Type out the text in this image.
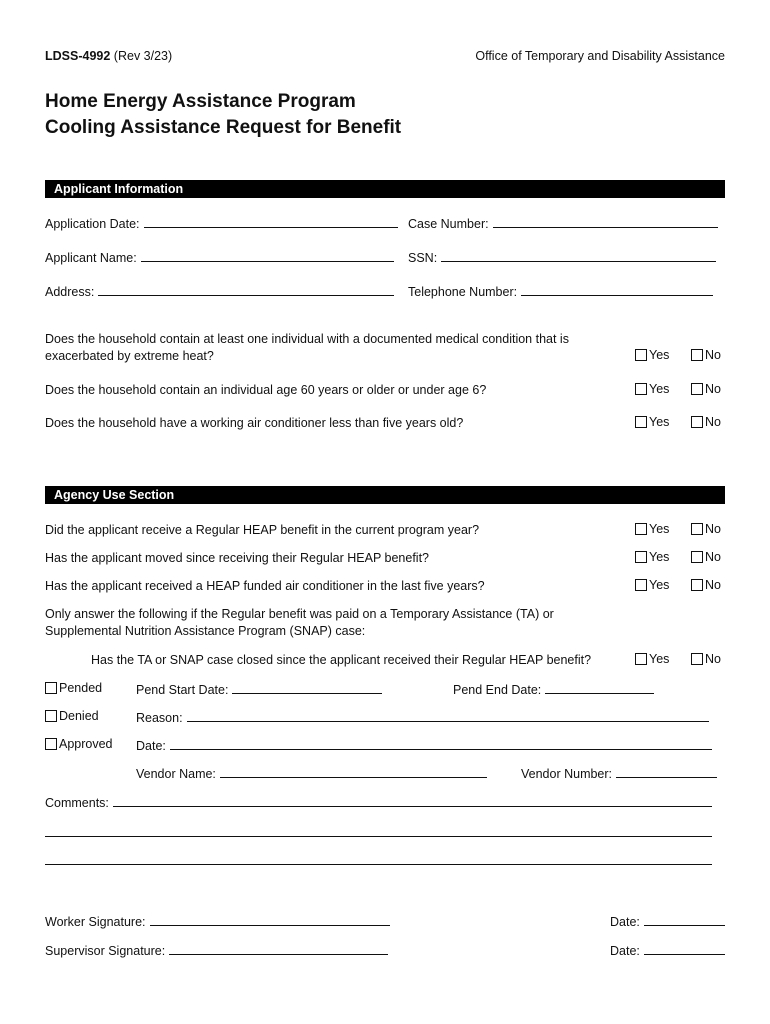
LDSS-4992 (Rev 3/23)	Office of Temporary and Disability Assistance
Home Energy Assistance Program
Cooling Assistance Request for Benefit
Applicant Information
Application Date:	Case Number:
Applicant Name:	SSN:
Address:	Telephone Number:
Does the household contain at least one individual with a documented medical condition that is exacerbated by extreme heat?	Yes	No
Does the household contain an individual age 60 years or older or under age 6?	Yes	No
Does the household have a working air conditioner less than five years old?	Yes	No
Agency Use Section
Did the applicant receive a Regular HEAP benefit in the current program year?	Yes	No
Has the applicant moved since receiving their Regular HEAP benefit?	Yes	No
Has the applicant received a HEAP funded air conditioner in the last five years?	Yes	No
Only answer the following if the Regular benefit was paid on a Temporary Assistance (TA) or Supplemental Nutrition Assistance Program (SNAP) case:
Has the TA or SNAP case closed since the applicant received their Regular HEAP benefit?	Yes	No
Pended	Pend Start Date:	Pend End Date:
Denied	Reason:
Approved Date:
Vendor Name:	Vendor Number:
Comments:
Worker Signature:	Date:
Supervisor Signature:	Date:
